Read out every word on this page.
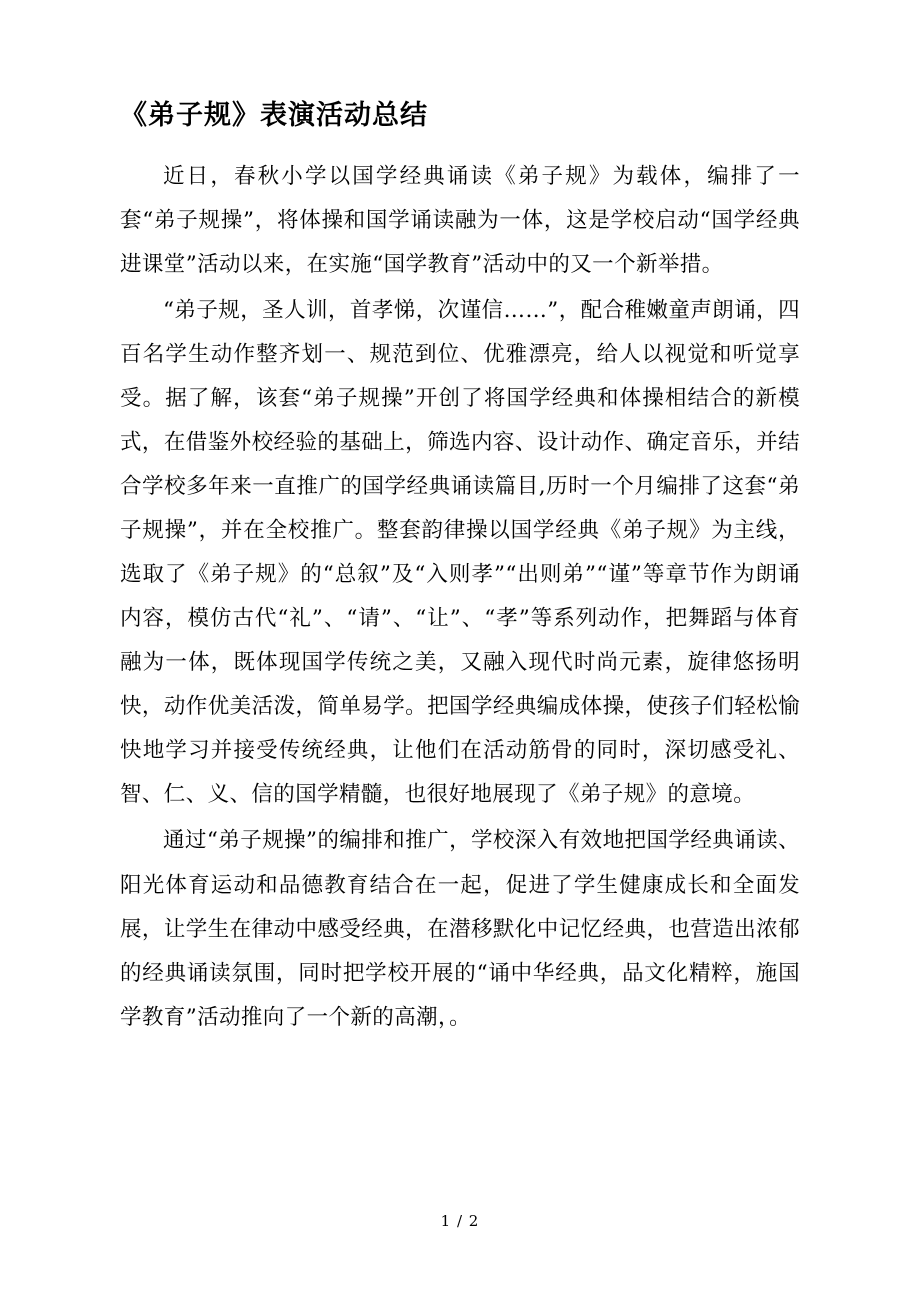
《弟子规》表演活动总结

近日，春秋小学以国学经典诵读《弟子规》为载体，编排了一套“弟子规操”，将体操和国学诵读融为一体，这是学校启动“国学经典进课堂”活动以来，在实施“国学教育”活动中的又一个新举措。

“弟子规，圣人训，首孝悌，次谨信……”，配合稚嫩童声朗诵，四百名学生动作整齐划一、规范到位、优雅漂亮，给人以视觉和听觉享受。据了解，该套“弟子规操”开创了将国学经典和体操相结合的新模式，在借鉴外校经验的基础上，筛选内容、设计动作、确定音乐，并结合学校多年来一直推广的国学经典诵读篇目,历时一个月编排了这套“弟子规操”，并在全校推广。整套韵律操以国学经典《弟子规》为主线，选取了《弟子规》的“总叙”及“入则孝”“出则弟”“谨”等章节作为朗诵内容，模仿古代“礼”、“请”、“让”、“孝”等系列动作，把舞蹈与体育融为一体，既体现国学传统之美，又融入现代时尚元素，旋律悠扬明快，动作优美活泼，简单易学。把国学经典编成体操，使孩子们轻松愉快地学习并接受传统经典，让他们在活动筋骨的同时，深切感受礼、智、仁、义、信的国学精髓，也很好地展现了《弟子规》的意境。

通过“弟子规操”的编排和推广，学校深入有效地把国学经典诵读、阳光体育运动和品德教育结合在一起，促进了学生健康成长和全面发展，让学生在律动中感受经典，在潜移默化中记忆经典，也营造出浓郁的经典诵读氛围，同时把学校开展的“诵中华经典，品文化精粹，施国学教育”活动推向了一个新的高潮，。

1 / 2
